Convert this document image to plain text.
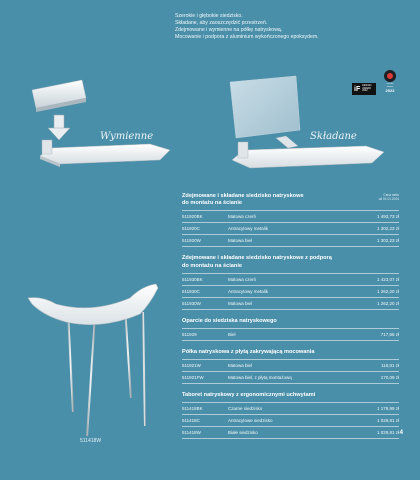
Szerokie i głębokie siedzisko.
Składane, aby zaoszczędzić przestrzeń.
Zdejmowane i wymienne na półkę natryskową.
Mocowanie i podpora z aluminium wykończonego epoksydem.
iF
DESIGN
AWARD
2022
red dot
winner
2022
Wymienne	Składane
511418W
Zdejmowane i składane siedzisko natryskowe
do montażu na ścianie
Cena netto
od 01.01.2024
511920BK	Matowa czerń	1 493,73 zł
511920C	Antracytowy metalik	1 302,23 zł
511920W	Matowa biel	1 302,23 zł
Zdejmowane i składane siedzisko natryskowe z podporą
do montażu na ścianie
511930BK	Matowa czerń	1 423,07 zł
511930C	Antracytowy metalik	1 262,20 zł
511930W	Matowa biel	1 262,20 zł
Oparcie do siedziska natryskowego
511929	Biel	717,66 zł
Półka natryskowa z płytą zakrywającą mocowania
511921W	Matowa biel	118,81 zł
511921FW	Matowa biel, z płytą montażową	170,09 zł
Taboret natryskowy z ergonomicznymi uchwytami
511418BK	Czarne siedzisko	1 179,99 zł
511418C	Antracytowe siedzisko	1 029,81 zł
511418W	Białe siedzisko	1 029,81 zł 4
